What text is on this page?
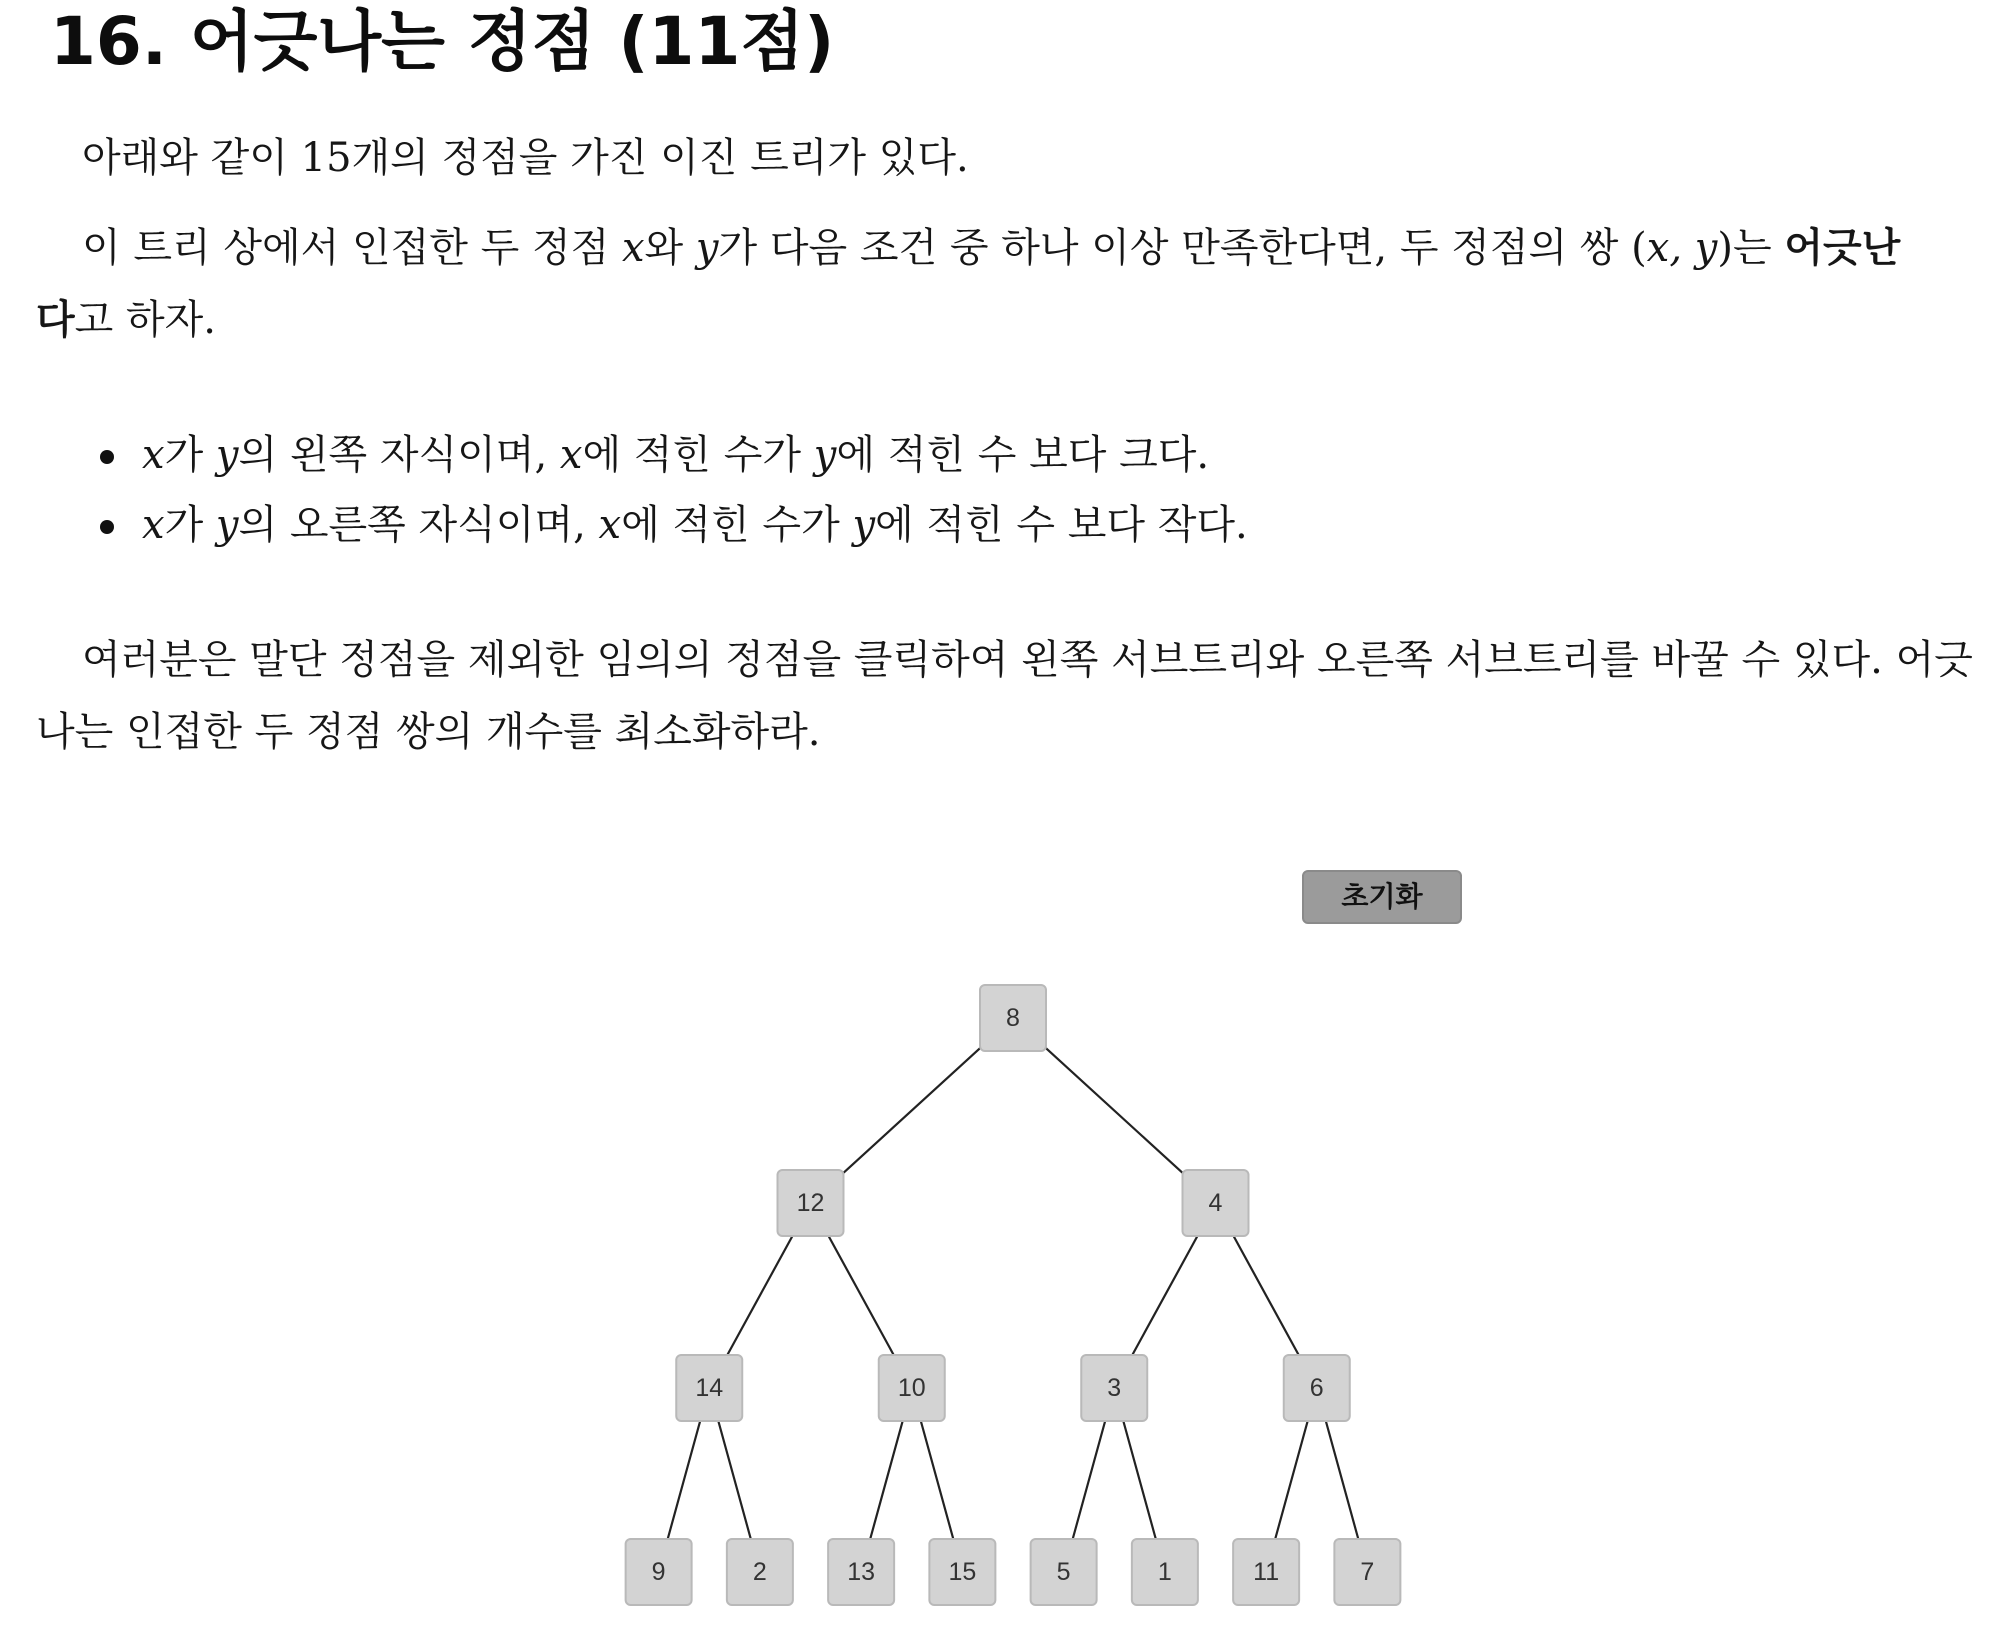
16. 어긋나는 정점 (11점)
아래와 같이 15개의 정점을 가진 이진 트리가 있다.
이 트리 상에서 인접한 두 정점 x와 y가 다음 조건 중 하나 이상 만족한다면, 두 정점의 쌍 (x, y)는 어긋난
다고 하자.
x가 y의 왼쪽 자식이며, x에 적힌 수가 y에 적힌 수 보다 크다.
x가 y의 오른쪽 자식이며, x에 적힌 수가 y에 적힌 수 보다 작다.
여러분은 말단 정점을 제외한 임의의 정점을 클릭하여 왼쪽 서브트리와 오른쪽 서브트리를 바꿀 수 있다. 어긋나는 인접한 두 정점 쌍의 개수를 최소화하라.
초기화
8
12	4
14	10	3	6
9	2	13	15	5	1	11	7
